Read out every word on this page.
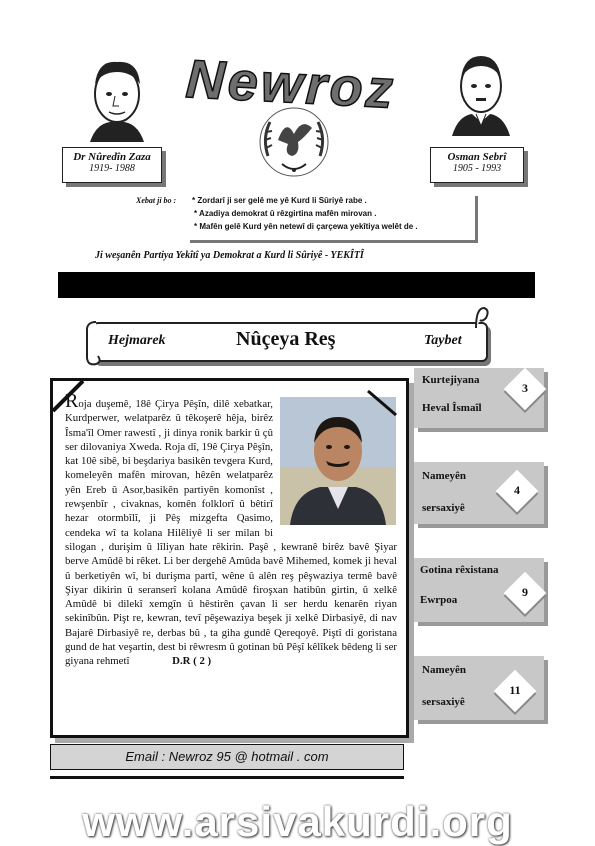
Newroz
Dr Nûredîn Zaza
1919- 1988
Osman Sebrî
1905 - 1993
Xebat ji bo :	* Zordarî ji ser gelê me yê Kurd li Sûriyê rabe .
* Azadiya demokrat û rêzgirtina mafên mirovan .
* Mafên gelê Kurd yên netewî di çarçewa yekîtiya welêt de .
Ji weşanên Partiya Yekîtî ya Demokrat a Kurd li Sûriyê - YEKÎTÎ
Hejmarek	Nûçeya Reş	Taybet
Roja duşemê, 18ê Çirya Pêşîn, dilê xebatkar, Kurdperwer, welatparêz û têkoşerê hêja, birêz Îsma'îl Omer rawestî , ji dinya ronik barkir û çû ser dilovaniya Xweda. Roja dî, 19ê Çirya Pêşîn, kat 10ê sibê, bi beşdariya basikên tevgera Kurd, komeleyên mafên mirovan, hêzên welatparêz yên Ereb û Asor,basikên partiyên komonîst , rewşenbîr , civaknas, komên folklorî û bêtirî hezar otormbîlî, ji Pêş mizgefta Qasimo, cendeka wî ta kolana Hilêliyê li ser milan bi silogan , durişim û lîliyan hate rêkirin. Paşê , kewranê birêz bavê Şiyar berve Amûdê bi rêket. Li ber dergehê Amûda bavê Mihemed, komek ji heval û berketiyên wî, bi durişma partî, wêne û alên reş pêşwaziya termê bavê Şiyar dikirin û seranserî kolana Amûdê firoşxan hatibûn girtin, û xelkê Amûdê bi dilekî xemgîn û hêstirên çavan li ser herdu kenarên riyan sekinîbûn. Pişt re, kewran, tevî pêşewaziya beşek ji xelkê Dirbasiyê, di nav Bajarê Dirbasiyê re, derbas bû , ta giha gundê Qereqoyê. Piştî di goristana gund de hat veşartin, dest bi rêwresm û gotinan bû Pêşî kêlîkek bêdeng li ser giyana rehmetî	D.R ( 2 )
Kurtejiyana
Heval Îsmaîl
3
Nameyên
sersaxiyê
4
Gotina rêxistana
Ewrpoa
9
Nameyên
sersaxiyê
11
Email : Newroz 95 @ hotmail . com
www.arsivakurdi.org
